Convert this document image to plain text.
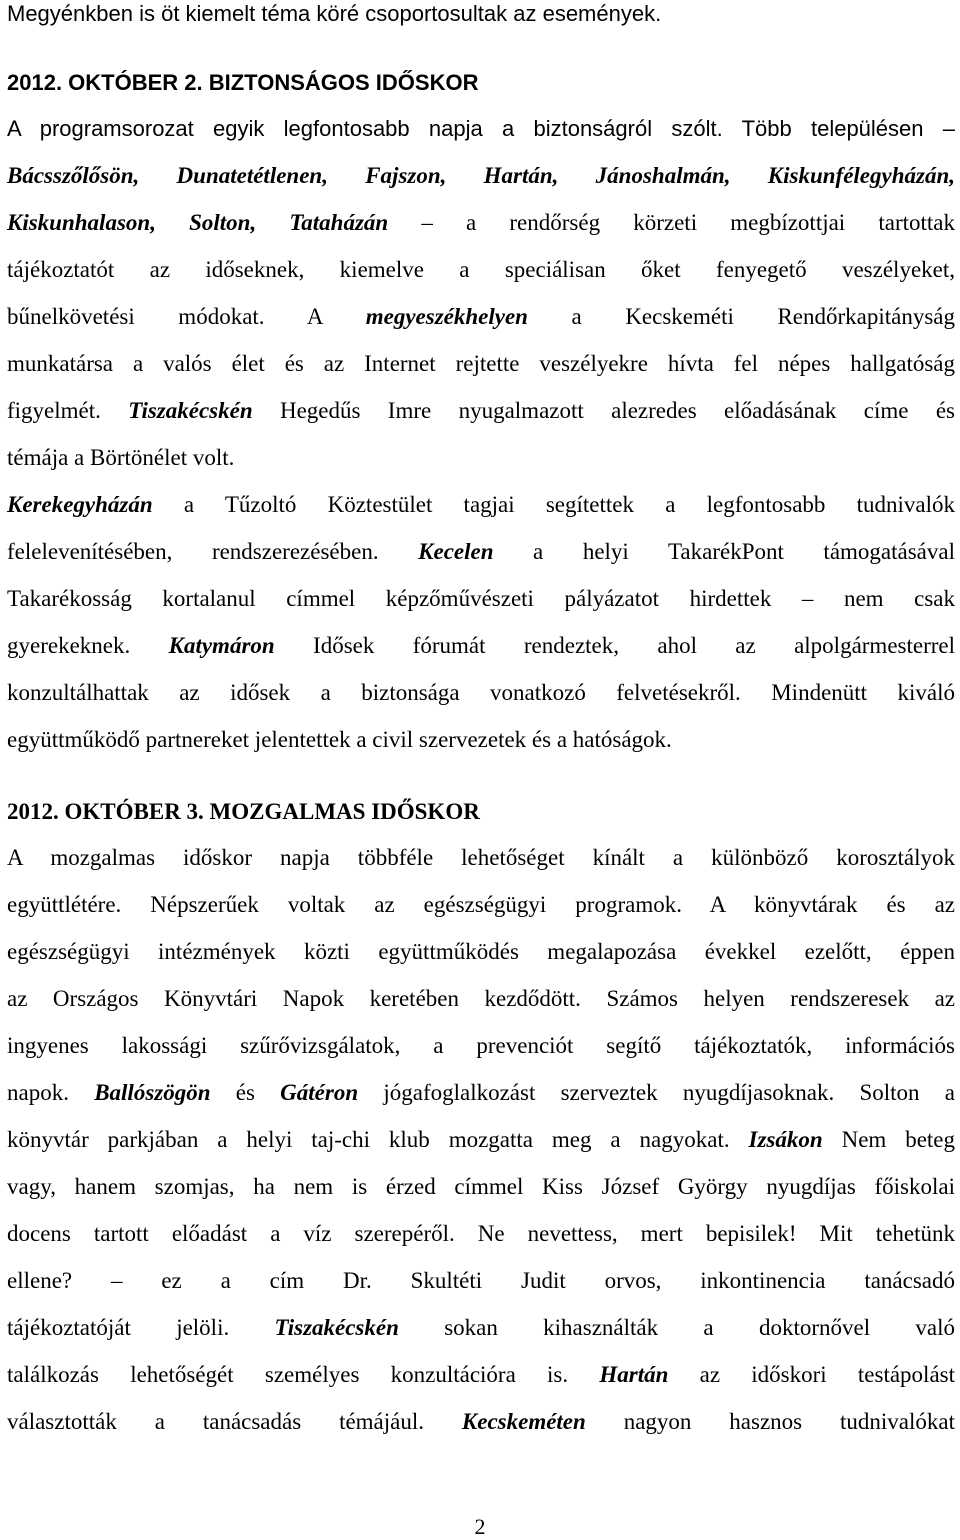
Megyénkben is öt kiemelt téma köré csoportosultak az események.
2012. OKTÓBER 2. BIZTONSÁGOS IDŐSKOR
A programsorozat egyik legfontosabb napja a biztonságról szólt. Több településen –
Bácsszőlősön, Dunatetétlenen, Fajszon, Hartán, Jánoshalmán, Kiskunfélegyházán,
Kiskunhalason, Solton, Tataházán – a rendőrség körzeti megbízottjai tartottak
tájékoztatót az időseknek, kiemelve a speciálisan őket fenyegető veszélyeket,
bűnelkövetési módokat. A megyeszékhelyen a Kecskeméti Rendőrkapitányság
munkatársa a valós élet és az Internet rejtette veszélyekre hívta fel népes hallgatóság
figyelmét. Tiszakécskén Hegedűs Imre nyugalmazott alezredes előadásának címe és
témája a Börtönélet volt.
Kerekegyházán a Tűzoltó Köztestület tagjai segítettek a legfontosabb tudnivalók
felelevenítésében, rendszerezésében. Kecelen a helyi TakarékPont támogatásával
Takarékosság kortalanul címmel képzőművészeti pályázatot hirdettek – nem csak
gyerekeknek. Katymáron Idősek fórumát rendeztek, ahol az alpolgármesterrel
konzultálhattak az idősek a biztonsága vonatkozó felvetésekről. Mindenütt kiváló
együttműködő partnereket jelentettek a civil szervezetek és a hatóságok.
2012. OKTÓBER 3. MOZGALMAS IDŐSKOR
A mozgalmas időskor napja többféle lehetőséget kínált a különböző korosztályok
együttlétére. Népszerűek voltak az egészségügyi programok. A könyvtárak és az
egészségügyi intézmények közti együttműködés megalapozása évekkel ezelőtt, éppen
az Országos Könyvtári Napok keretében kezdődött. Számos helyen rendszeresek az
ingyenes lakossági szűrővizsgálatok, a prevenciót segítő tájékoztatók, információs
napok. Ballószögön és Gátéron jógafoglalkozást szerveztek nyugdíjasoknak. Solton a
könyvtár parkjában a helyi taj-chi klub mozgatta meg a nagyokat. Izsákon Nem beteg
vagy, hanem szomjas, ha nem is érzed címmel Kiss József György nyugdíjas főiskolai
docens tartott előadást a víz szerepéről. Ne nevettess, mert bepisilek! Mit tehetünk
ellene? – ez a cím Dr. Skultéti Judit orvos, inkontinencia tanácsadó
tájékoztatóját jelöli. Tiszakécskén sokan kihasználták a doktornővel való
találkozás lehetőségét személyes konzultációra is. Hartán az időskori testápolást
választották a tanácsadás témájául. Kecskeméten nagyon hasznos tudnivalókat
2
